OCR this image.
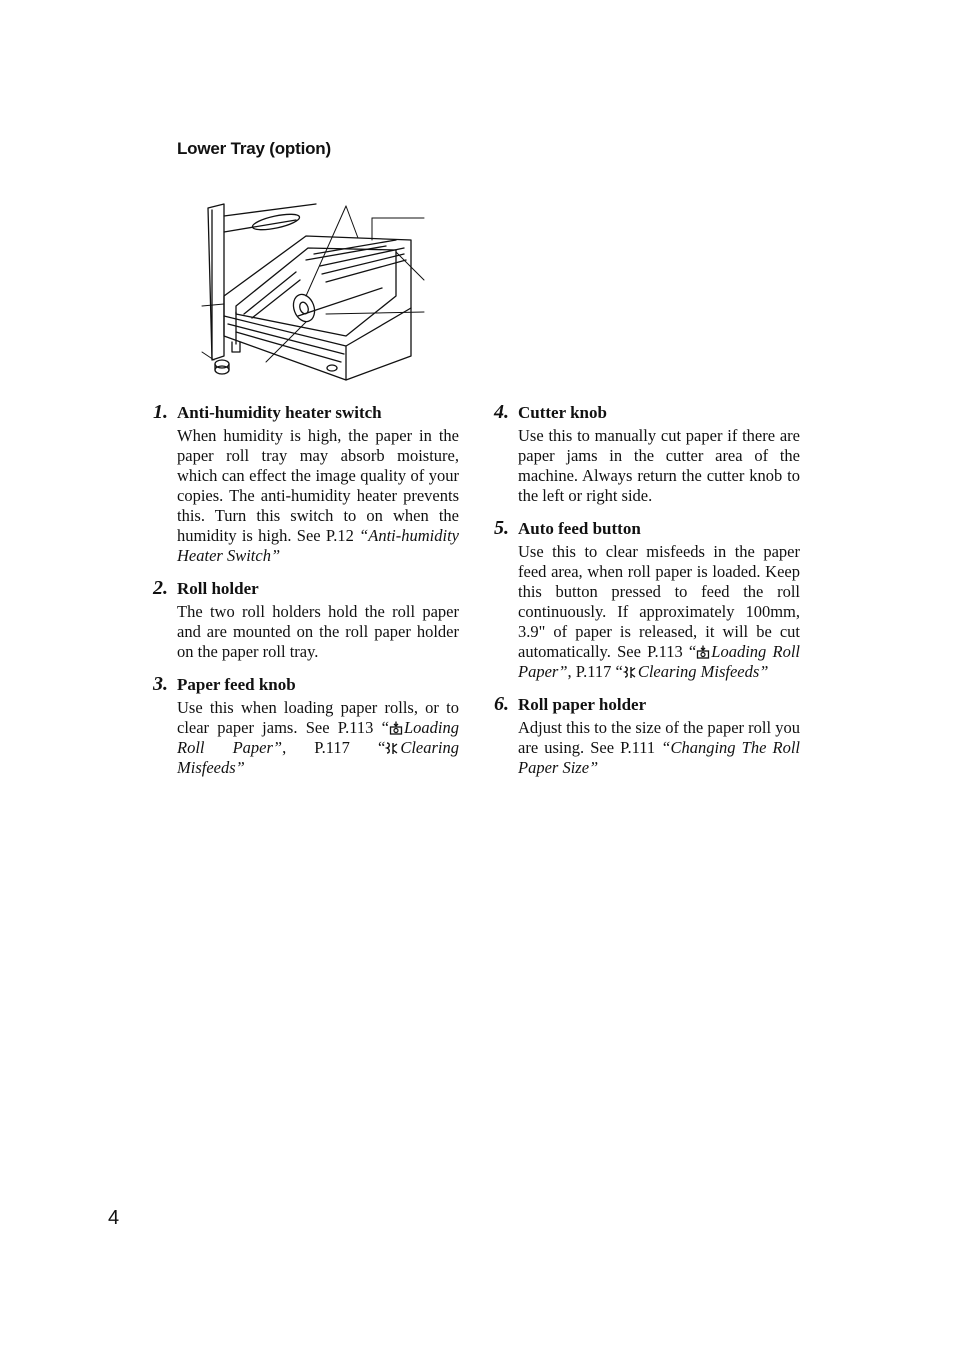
Lower Tray (option)
1. Anti-humidity heater switch
When humidity is high, the paper in the paper roll tray may absorb moisture, which can effect the image quality of your copies. The anti-humidity heater prevents this. Turn this switch to on when the humidity is high. See P.12 “Anti-humidity Heater Switch”
2. Roll holder
The two roll holders hold the roll paper and are mounted on the roll paper holder on the paper roll tray.
3. Paper feed knob
Use this when loading paper rolls, or to clear paper jams. See P.113 “ Loading Roll Paper”, P.117 “ Clearing Misfeeds”
4. Cutter knob
Use this to manually cut paper if there are paper jams in the cutter area of the machine. Always return the cutter knob to the left or right side.
5. Auto feed button
Use this to clear misfeeds in the paper feed area, when roll paper is loaded. Keep this button pressed to feed the roll continuously. If approximately 100mm, 3.9" of paper is released, it will be cut automatically. See P.113 “ Loading Roll Paper”, P.117 “ Clearing Misfeeds”
6. Roll paper holder
Adjust this to the size of the paper roll you are using. See P.111 “Changing The Roll Paper Size”
4
